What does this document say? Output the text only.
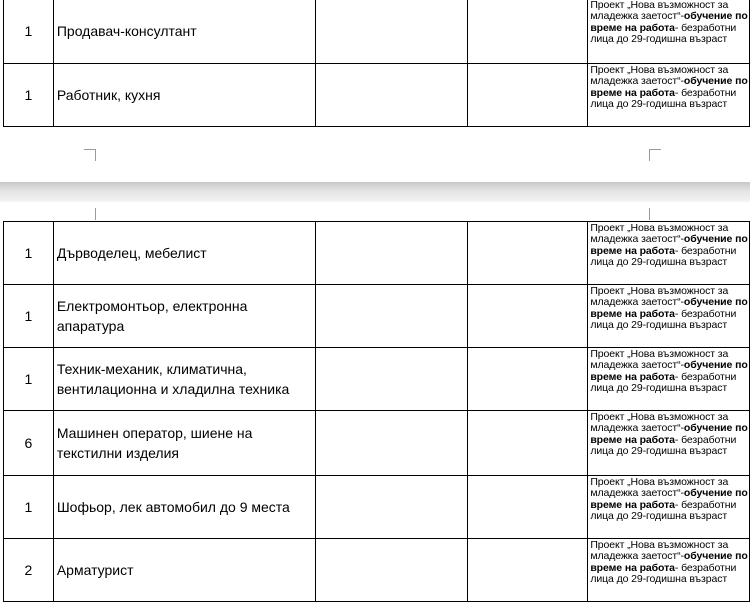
1	Продавач-консултант			Проект „Нова възможност за младежка заетост“-обучение по време на работа- безработни лица до 29-годишна възраст
1	Работник, кухня			Проект „Нова възможност за младежка заетост“-обучение по време на работа- безработни лица до 29-годишна възраст
1	Дърводелец, мебелист			Проект „Нова възможност за младежка заетост“-обучение по време на работа- безработни лица до 29-годишна възраст
1	Електромонтьор, електронна апаратура			Проект „Нова възможност за младежка заетост“-обучение по време на работа- безработни лица до 29-годишна възраст
1	Техник-механик, климатична, вентилационна и хладилна техника			Проект „Нова възможност за младежка заетост“-обучение по време на работа- безработни лица до 29-годишна възраст
6	Машинен оператор, шиене на текстилни изделия			Проект „Нова възможност за младежка заетост“-обучение по време на работа- безработни лица до 29-годишна възраст
1	Шофьор, лек автомобил до 9 места			Проект „Нова възможност за младежка заетост“-обучение по време на работа- безработни лица до 29-годишна възраст
2	Арматурист			Проект „Нова възможност за младежка заетост“-обучение по време на работа- безработни лица до 29-годишна възраст
